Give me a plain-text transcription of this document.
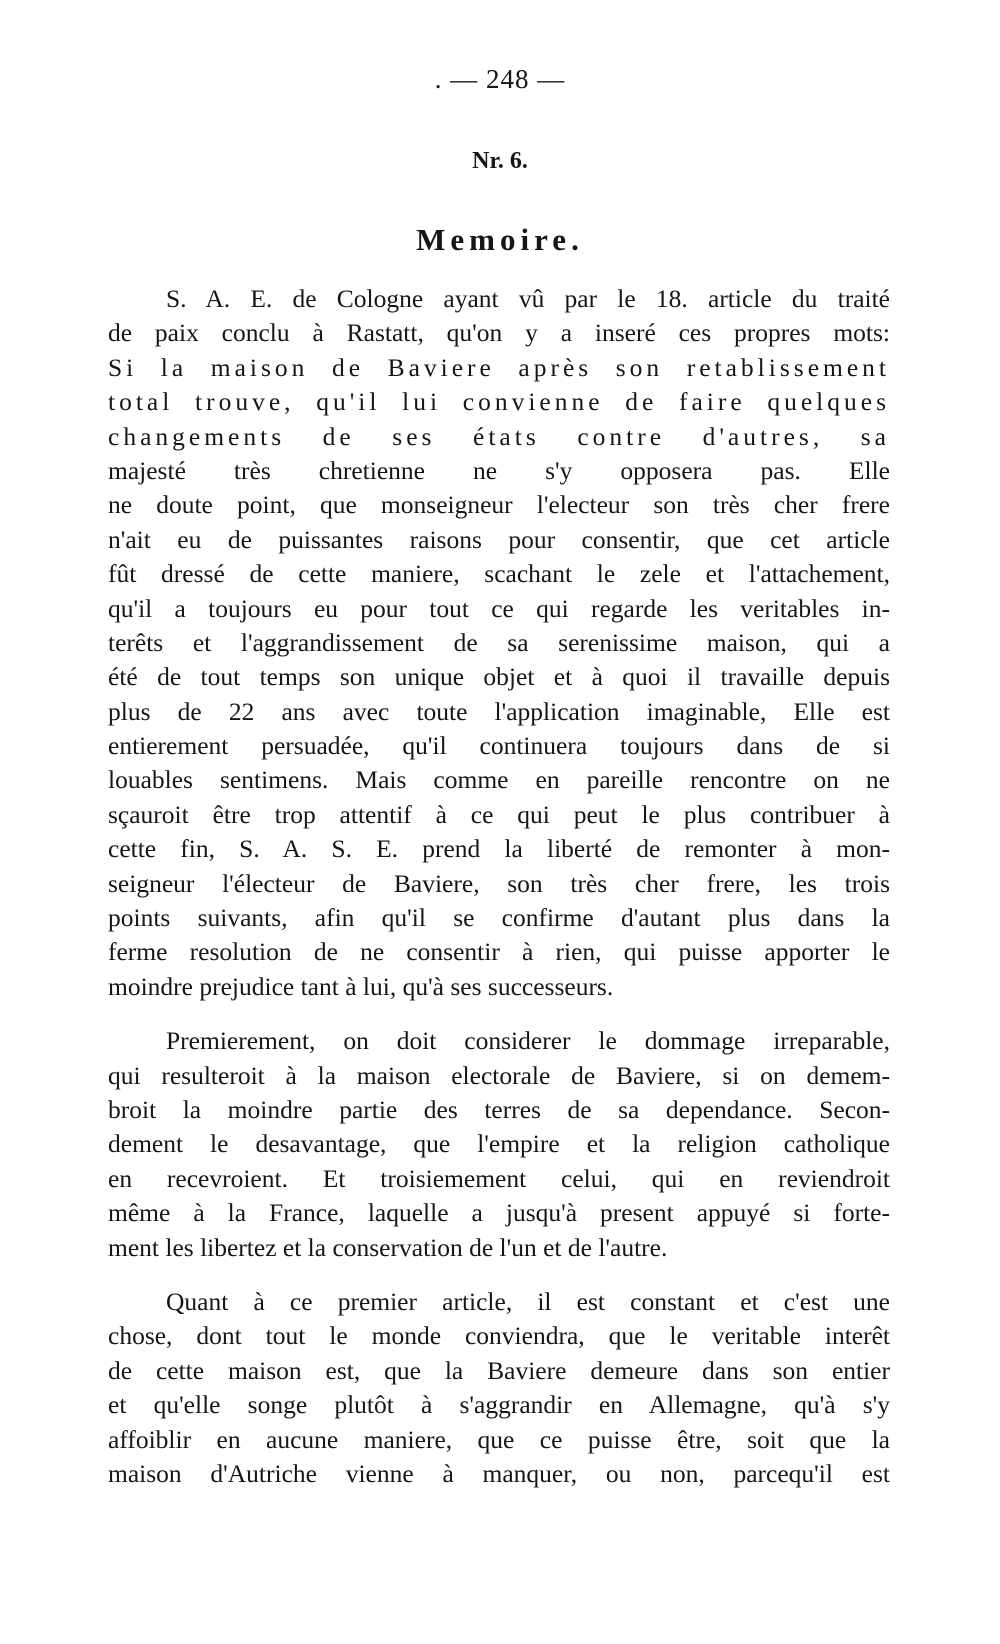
. — 248 —
Nr. 6.
Memoire.
S. A. E. de Cologne ayant vû par le 18. article du traité
de paix conclu à Rastatt, qu'on y a inseré ces propres mots:
Si la maison de Baviere après son retablissement
total trouve, qu'il lui convienne de faire quelques
changements de ses états contre d'autres, sa
majesté très chretienne ne s'y opposera pas. Elle
ne doute point, que monseigneur l'electeur son très cher frere
n'ait eu de puissantes raisons pour consentir, que cet article
fût dressé de cette maniere, scachant le zele et l'attachement,
qu'il a toujours eu pour tout ce qui regarde les veritables in-
terêts et l'aggrandissement de sa serenissime maison, qui a
été de tout temps son unique objet et à quoi il travaille depuis
plus de 22 ans avec toute l'application imaginable, Elle est
entierement persuadée, qu'il continuera toujours dans de si
louables sentimens. Mais comme en pareille rencontre on ne
sçauroit être trop attentif à ce qui peut le plus contribuer à
cette fin, S. A. S. E. prend la liberté de remonter à mon-
seigneur l'électeur de Baviere, son très cher frere, les trois
points suivants, afin qu'il se confirme d'autant plus dans la
ferme resolution de ne consentir à rien, qui puisse apporter le
moindre prejudice tant à lui, qu'à ses successeurs.
Premierement, on doit considerer le dommage irreparable,
qui resulteroit à la maison electorale de Baviere, si on demem-
broit la moindre partie des terres de sa dependance. Secon-
dement le desavantage, que l'empire et la religion catholique
en recevroient. Et troisiemement celui, qui en reviendroit
même à la France, laquelle a jusqu'à present appuyé si forte-
ment les libertez et la conservation de l'un et de l'autre.
Quant à ce premier article, il est constant et c'est une
chose, dont tout le monde conviendra, que le veritable interêt
de cette maison est, que la Baviere demeure dans son entier
et qu'elle songe plutôt à s'aggrandir en Allemagne, qu'à s'y
affoiblir en aucune maniere, que ce puisse être, soit que la
maison d'Autriche vienne à manquer, ou non, parcequ'il est
